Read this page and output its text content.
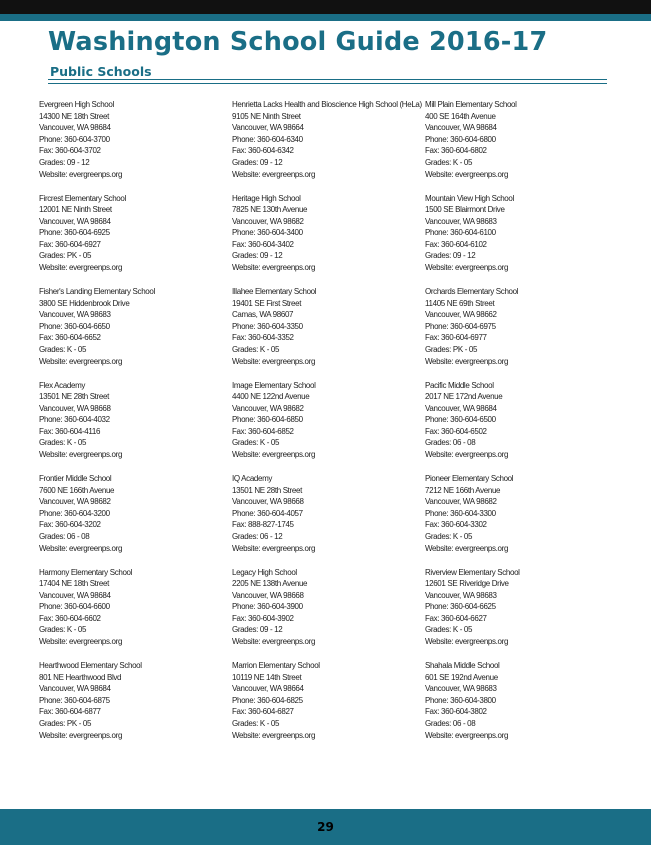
Washington School Guide 2016-17
Public Schools
Evergreen High School
14300 NE 18th Street
Vancouver, WA 98684
Phone: 360-604-3700
Fax: 360-604-3702
Grades: 09 - 12
Website: evergreenps.org
Fircrest Elementary School
12001 NE Ninth Street
Vancouver, WA 98684
Phone: 360-604-6925
Fax: 360-604-6927
Grades: PK - 05
Website: evergreenps.org
Fisher's Landing Elementary School
3800 SE Hiddenbrook Drive
Vancouver, WA 98683
Phone: 360-604-6650
Fax: 360-604-6652
Grades: K - 05
Website: evergreenps.org
Flex Academy
13501 NE 28th Street
Vancouver, WA 98668
Phone: 360-604-4032
Fax: 360-604-4116
Grades: K - 05
Website: evergreenps.org
Frontier Middle School
7600 NE 166th Avenue
Vancouver, WA 98682
Phone: 360-604-3200
Fax: 360-604-3202
Grades: 06 - 08
Website: evergreenps.org
Harmony Elementary School
17404 NE 18th Street
Vancouver, WA 98684
Phone: 360-604-6600
Fax: 360-604-6602
Grades: K - 05
Website: evergreenps.org
Hearthwood Elementary School
801 NE Hearthwood Blvd
Vancouver, WA 98684
Phone: 360-604-6875
Fax: 360-604-6877
Grades: PK - 05
Website: evergreenps.org
Henrietta Lacks Health and Bioscience High School (HeLa)
9105 NE Ninth Street
Vancouver, WA 98664
Phone: 360-604-6340
Fax: 360-604-6342
Grades: 09 - 12
Website: evergreenps.org
Heritage High School
7825 NE 130th Avenue
Vancouver, WA 98682
Phone: 360-604-3400
Fax: 360-604-3402
Grades: 09 - 12
Website: evergreenps.org
Illahee Elementary School
19401 SE First Street
Camas, WA 98607
Phone: 360-604-3350
Fax: 360-604-3352
Grades: K - 05
Website: evergreenps.org
Image Elementary School
4400 NE 122nd Avenue
Vancouver, WA 98682
Phone: 360-604-6850
Fax: 360-604-6852
Grades: K - 05
Website: evergreenps.org
IQ Academy
13501 NE 28th Street
Vancouver, WA 98668
Phone: 360-604-4057
Fax: 888-827-1745
Grades: 06 - 12
Website: evergreenps.org
Legacy High School
2205 NE 138th Avenue
Vancouver, WA 98668
Phone: 360-604-3900
Fax: 360-604-3902
Grades: 09 - 12
Website: evergreenps.org
Marrion Elementary School
10119 NE 14th Street
Vancouver, WA 98664
Phone: 360-604-6825
Fax: 360-604-6827
Grades: K - 05
Website: evergreenps.org
Mill Plain Elementary School
400 SE 164th Avenue
Vancouver, WA 98684
Phone: 360-604-6800
Fax: 360-604-6802
Grades: K - 05
Website: evergreenps.org
Mountain View High School
1500 SE Blairmont Drive
Vancouver, WA 98683
Phone: 360-604-6100
Fax: 360-604-6102
Grades: 09 - 12
Website: evergreenps.org
Orchards Elementary School
11405 NE 69th Street
Vancouver, WA 98662
Phone: 360-604-6975
Fax: 360-604-6977
Grades: PK - 05
Website: evergreenps.org
Pacific Middle School
2017 NE 172nd Avenue
Vancouver, WA 98684
Phone: 360-604-6500
Fax: 360-604-6502
Grades: 06 - 08
Website: evergreenps.org
Pioneer Elementary School
7212 NE 166th Avenue
Vancouver, WA 98682
Phone: 360-604-3300
Fax: 360-604-3302
Grades: K - 05
Website: evergreenps.org
Riverview Elementary School
12601 SE Riveridge Drive
Vancouver, WA 98683
Phone: 360-604-6625
Fax: 360-604-6627
Grades: K - 05
Website: evergreenps.org
Shahala Middle School
601 SE 192nd Avenue
Vancouver, WA 98683
Phone: 360-604-3800
Fax: 360-604-3802
Grades: 06 - 08
Website: evergreenps.org
29
